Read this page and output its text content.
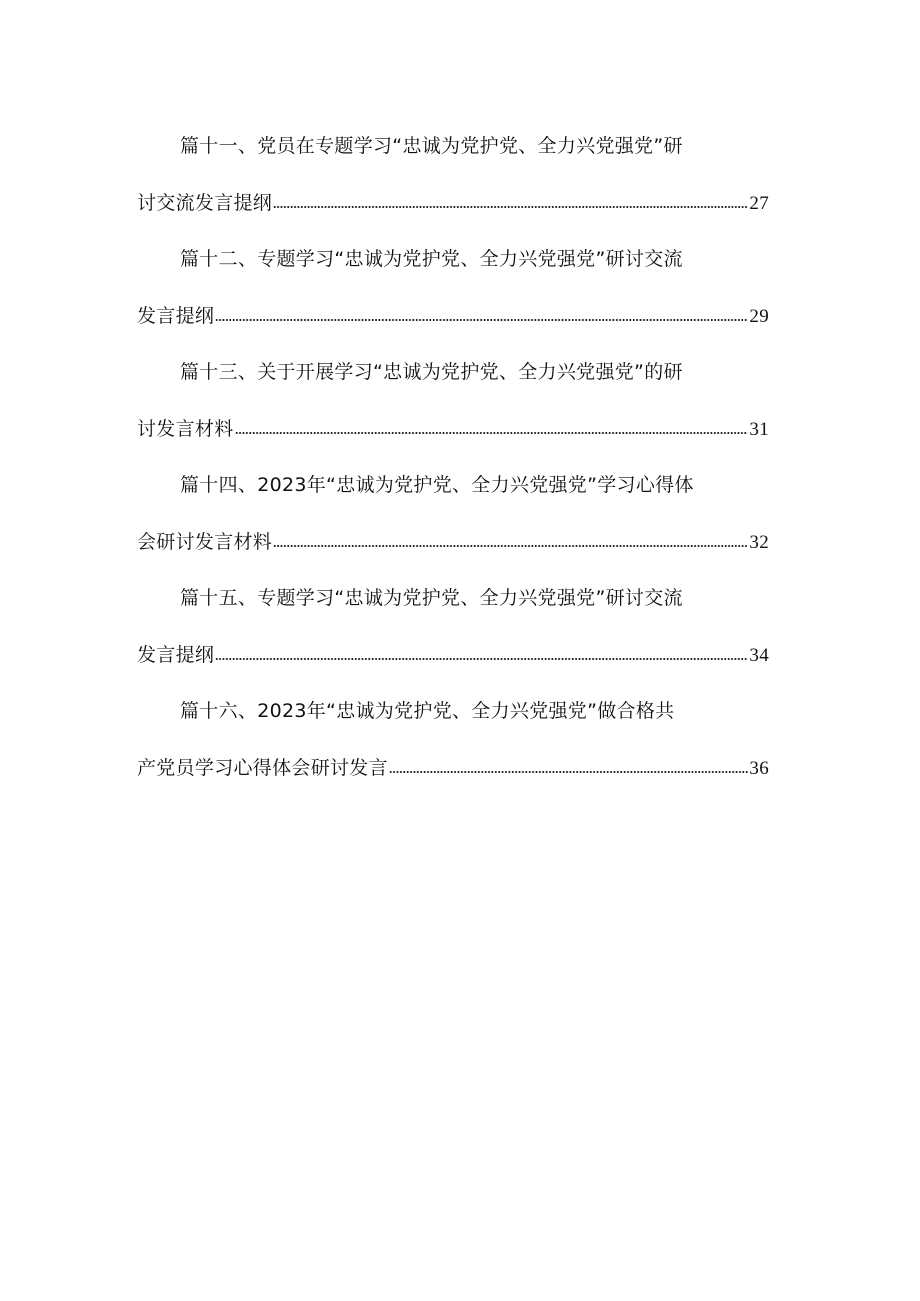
篇十一、党员在专题学习“忠诚为党护党、全力兴党强党”研
讨交流发言提纲	27
篇十二、专题学习“忠诚为党护党、全力兴党强党”研讨交流
发言提纲	29
篇十三、关于开展学习“忠诚为党护党、全力兴党强党”的研
讨发言材料	31
篇十四、2023年“忠诚为党护党、全力兴党强党”学习心得体
会研讨发言材料	32
篇十五、专题学习“忠诚为党护党、全力兴党强党”研讨交流
发言提纲	34
篇十六、2023年“忠诚为党护党、全力兴党强党”做合格共
产党员学习心得体会研讨发言	36
